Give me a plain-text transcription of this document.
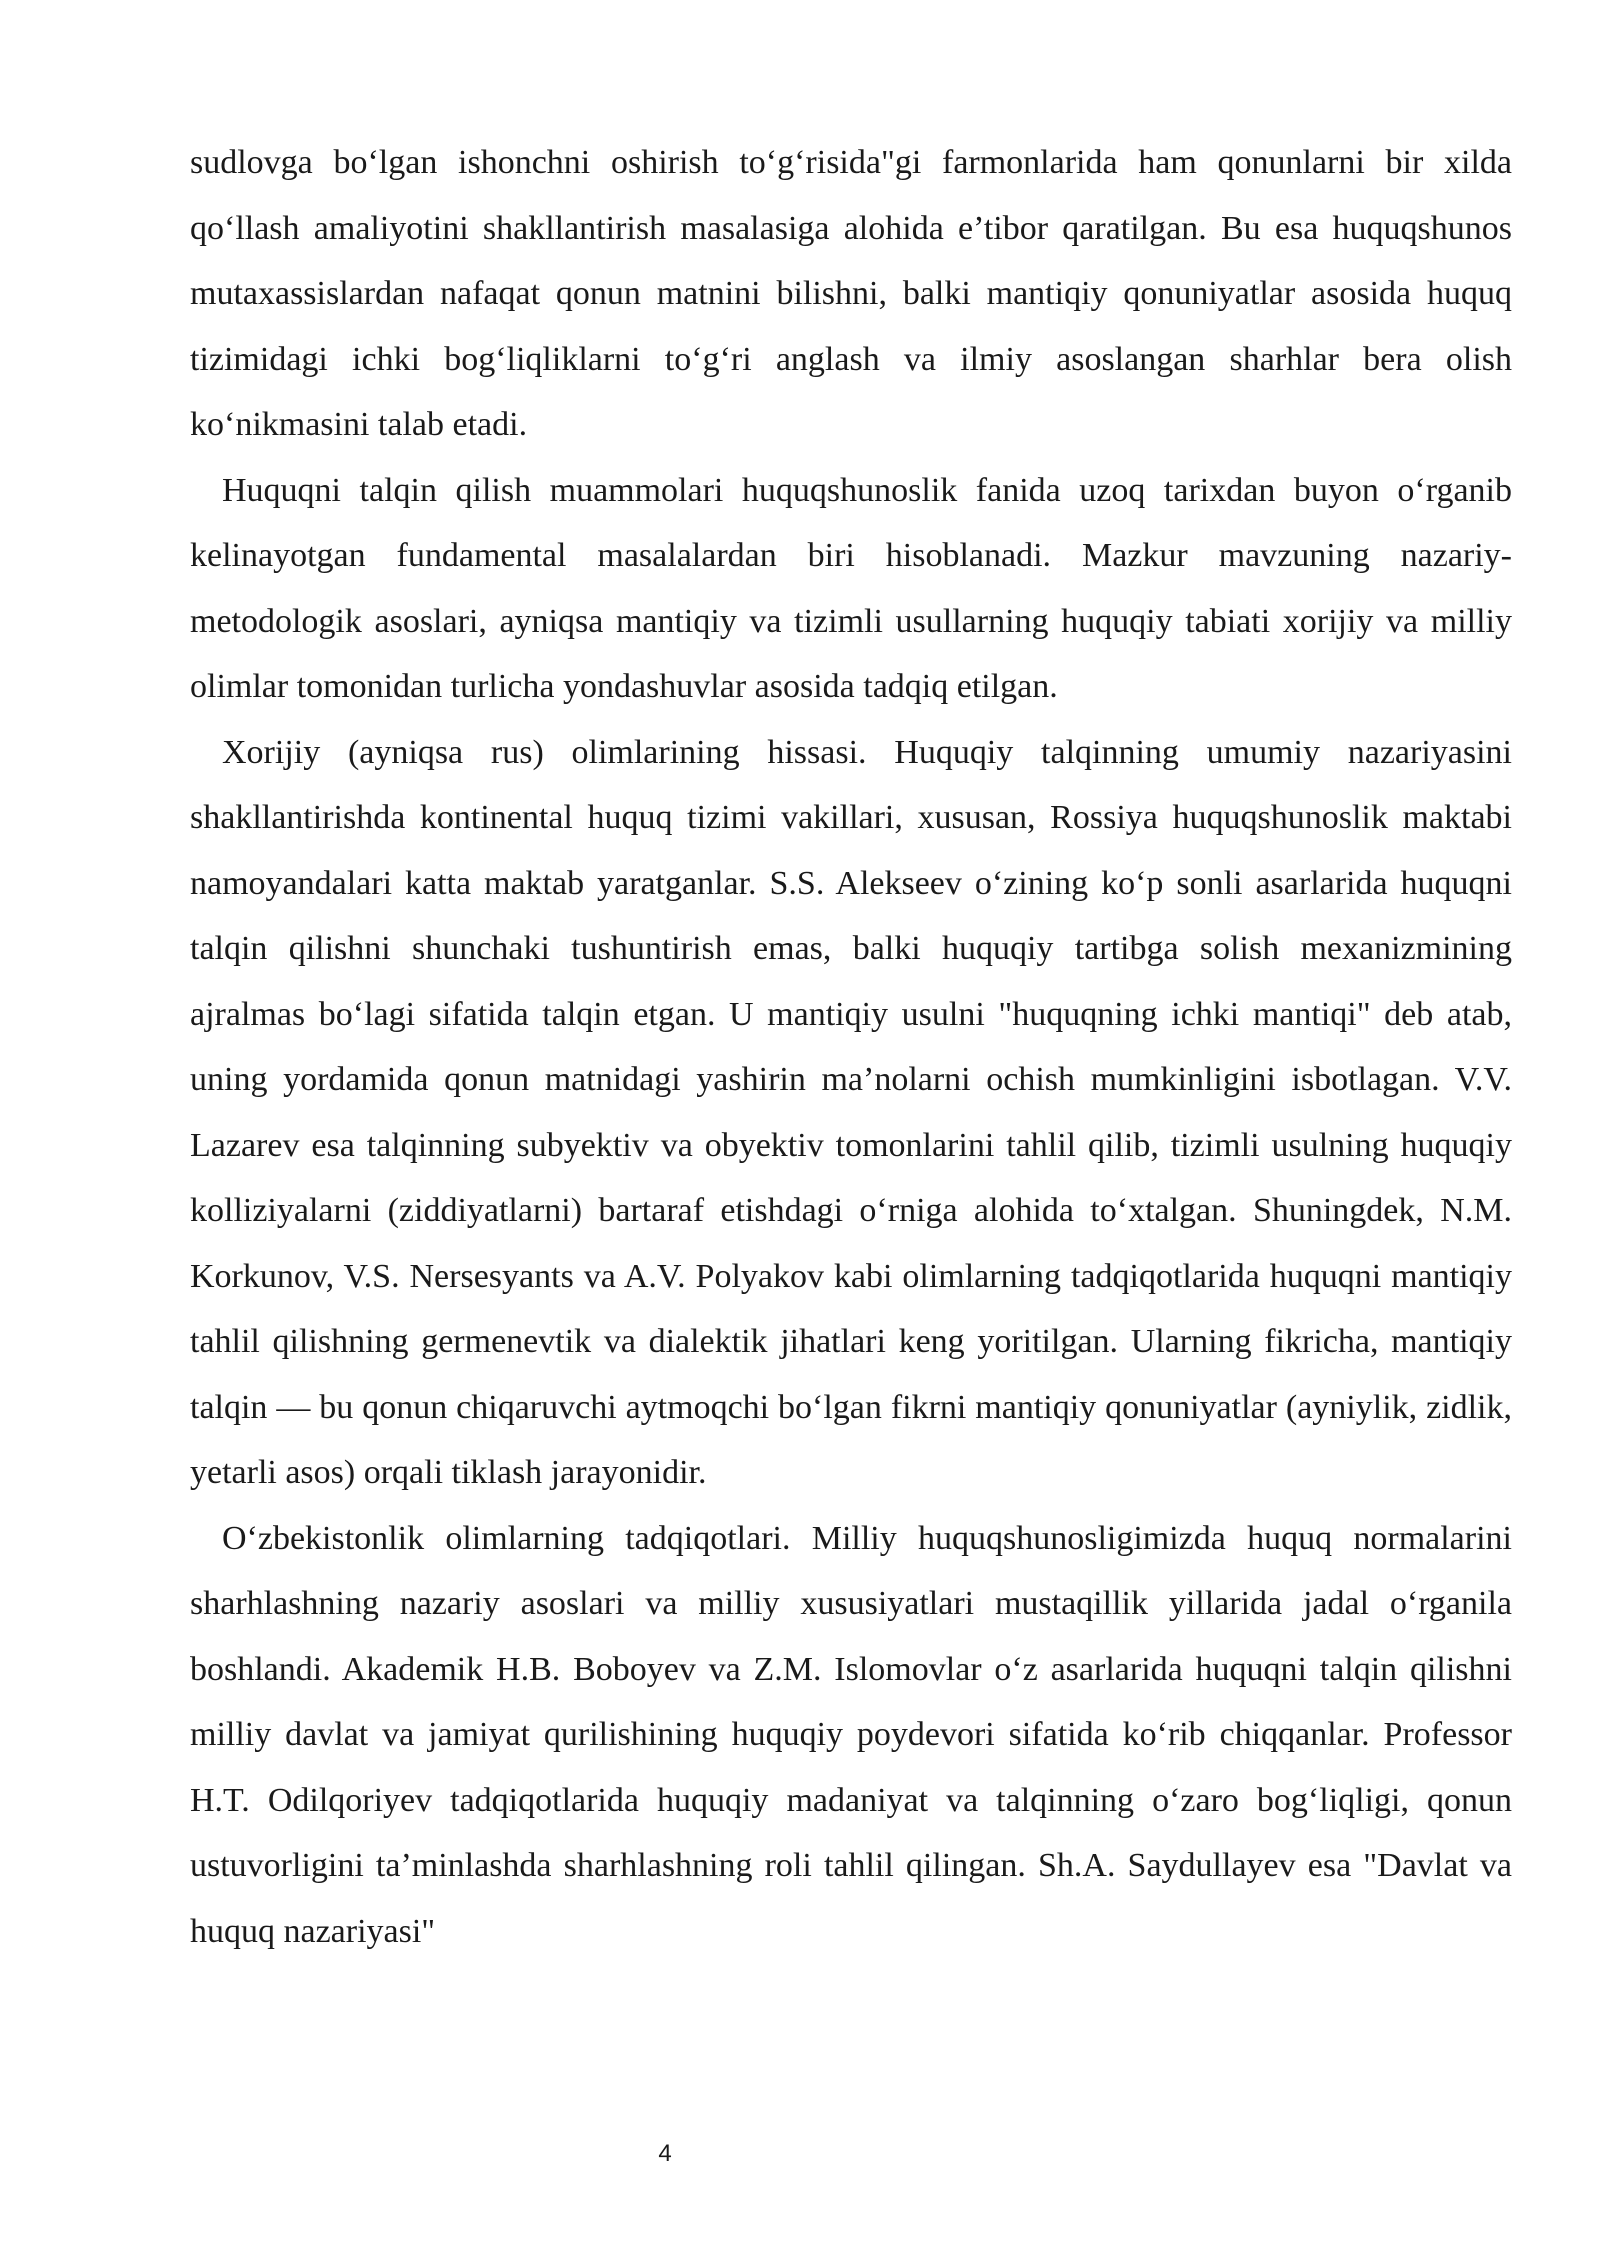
sudlovga bo‘lgan ishonchni oshirish to‘g‘risida"gi farmonlarida ham qonunlarni bir xilda qo‘llash amaliyotini shakllantirish masalasiga alohida e’tibor qaratilgan. Bu esa huquqshunos mutaxassislardan nafaqat qonun matnini bilishni, balki mantiqiy qonuniyatlar asosida huquq tizimidagi ichki bog‘liqliklarni to‘g‘ri anglash va ilmiy asoslangan sharhlar bera olish ko‘nikmasini talab etadi.

Huquqni talqin qilish muammolari huquqshunoslik fanida uzoq tarixdan buyon o‘rganib kelinayotgan fundamental masalalardan biri hisoblanadi. Mazkur mavzuning nazariy-metodologik asoslari, ayniqsa mantiqiy va tizimli usullarning huquqiy tabiati xorijiy va milliy olimlar tomonidan turlicha yondashuvlar asosida tadqiq etilgan.

Xorijiy (ayniqsa rus) olimlarining hissasi. Huquqiy talqinning umumiy nazariyasini shakllantirishda kontinental huquq tizimi vakillari, xususan, Rossiya huquqshunoslik maktabi namoyandalari katta maktab yaratganlar. S.S. Alekseev o‘zining ko‘p sonli asarlarida huquqni talqin qilishni shunchaki tushuntirish emas, balki huquqiy tartibga solish mexanizmining ajralmas bo‘lagi sifatida talqin etgan. U mantiqiy usulni "huquqning ichki mantiqi" deb atab, uning yordamida qonun matnidagi yashirin ma’nolarni ochish mumkinligini isbotlagan. V.V. Lazarev esa talqinning subyektiv va obyektiv tomonlarini tahlil qilib, tizimli usulning huquqiy kolliziyalarni (ziddiyatlarni) bartaraf etishdagi o‘rniga alohida to‘xtalgan. Shuningdek, N.M. Korkunov, V.S. Nersesyants va A.V. Polyakov kabi olimlarning tadqiqotlarida huquqni mantiqiy tahlil qilishning germenevtik va dialektik jihatlari keng yoritilgan. Ularning fikricha, mantiqiy talqin — bu qonun chiqaruvchi aytmoqchi bo‘lgan fikrni mantiqiy qonuniyatlar (ayniylik, zidlik, yetarli asos) orqali tiklash jarayonidir.

O‘zbekistonlik olimlarning tadqiqotlari. Milliy huquqshunosligimizda huquq normalarini sharhlashning nazariy asoslari va milliy xususiyatlari mustaqillik yillarida jadal o‘rganila boshlandi. Akademik H.B. Boboyev va Z.M. Islomovlar o‘z asarlarida huquqni talqin qilishni milliy davlat va jamiyat qurilishining huquqiy poydevori sifatida ko‘rib chiqqanlar. Professor H.T. Odilqoriyev tadqiqotlarida huquqiy madaniyat va talqinning o‘zaro bog‘liqligi, qonun ustuvorligini ta’minlashda sharhlashning roli tahlil qilingan. Sh.A. Saydullayev esa "Davlat va huquq nazariyasi"

4
